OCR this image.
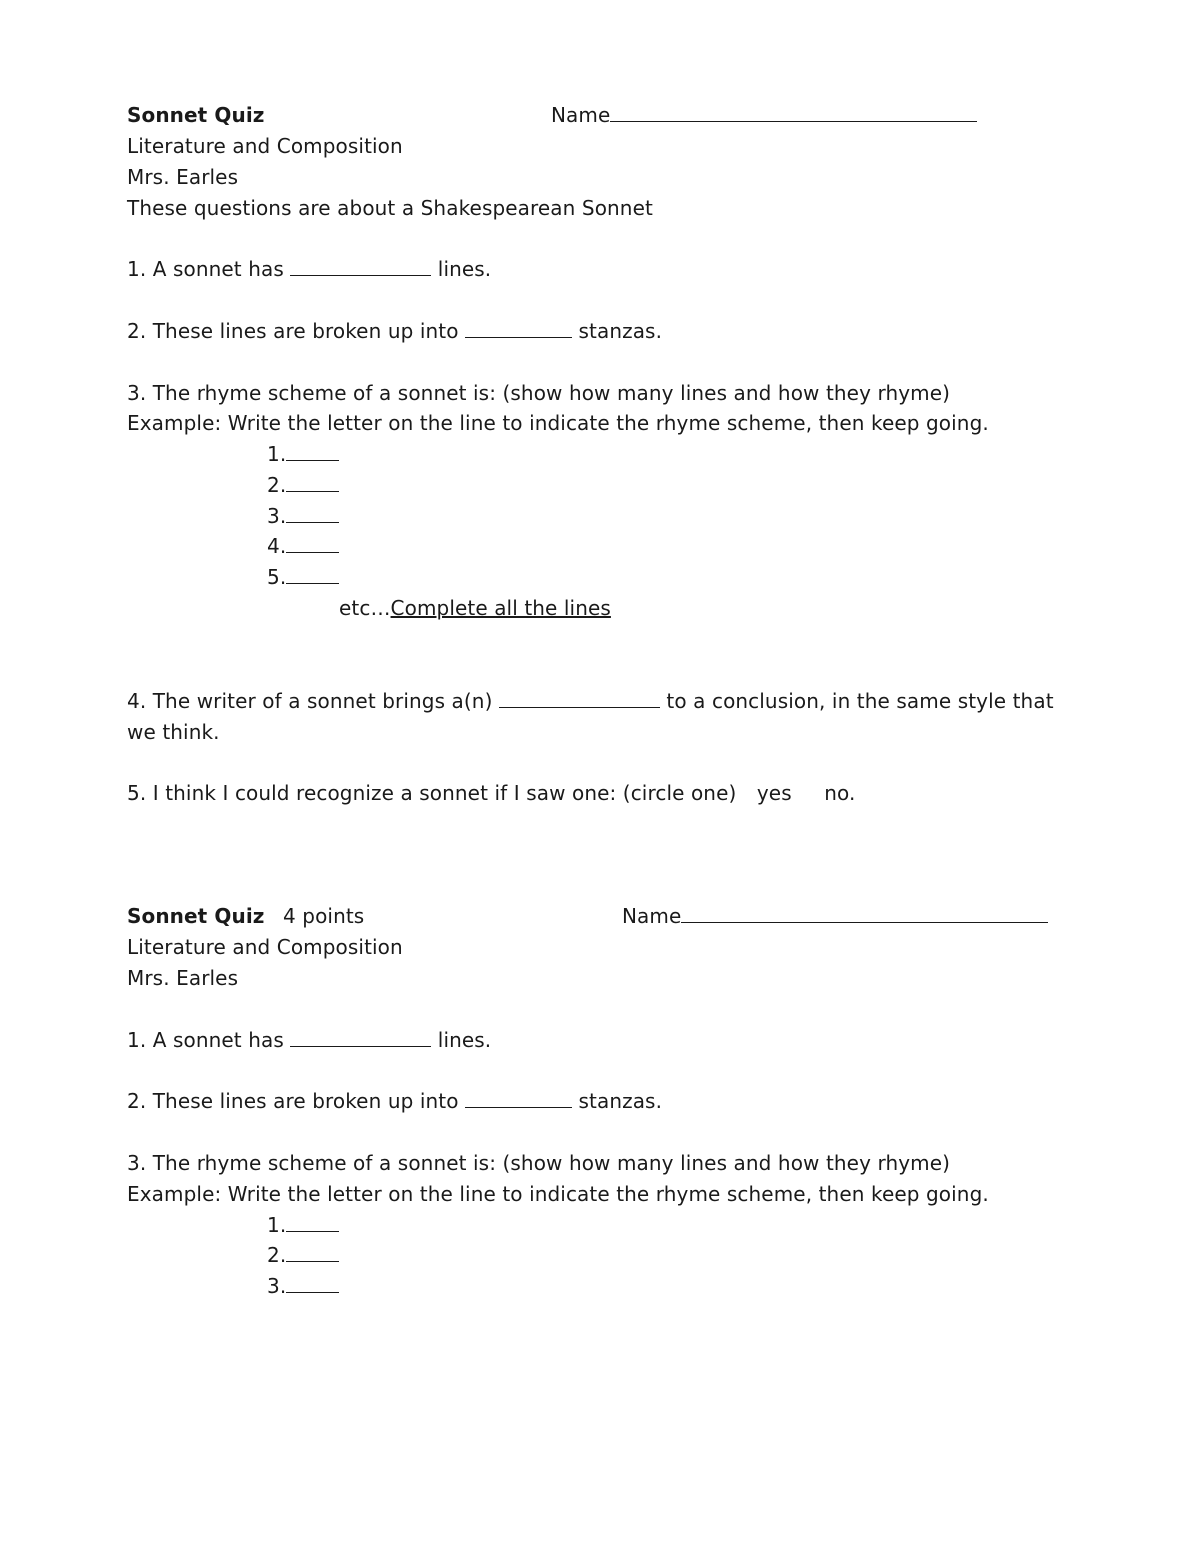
Sonnet Quiz	Name
Literature and Composition
Mrs. Earles
These questions are about a Shakespearean Sonnet
1. A sonnet has	lines.
2. These lines are broken up into	stanzas.
3. The rhyme scheme of a sonnet is: (show how many lines and how they rhyme)
Example: Write the letter on the line to indicate the rhyme scheme, then keep going.
1.
2.
3.
4.
5.
etc…Complete all the lines
4. The writer of a sonnet brings a(n)	to a conclusion, in the same style that
we think.
5. I think I could recognize a sonnet if I saw one: (circle one) yes no.
Sonnet Quiz 4 points	Name
Literature and Composition
Mrs. Earles
1. A sonnet has	lines.
2. These lines are broken up into	stanzas.
3. The rhyme scheme of a sonnet is: (show how many lines and how they rhyme)
Example: Write the letter on the line to indicate the rhyme scheme, then keep going.
1.
2.
3.
